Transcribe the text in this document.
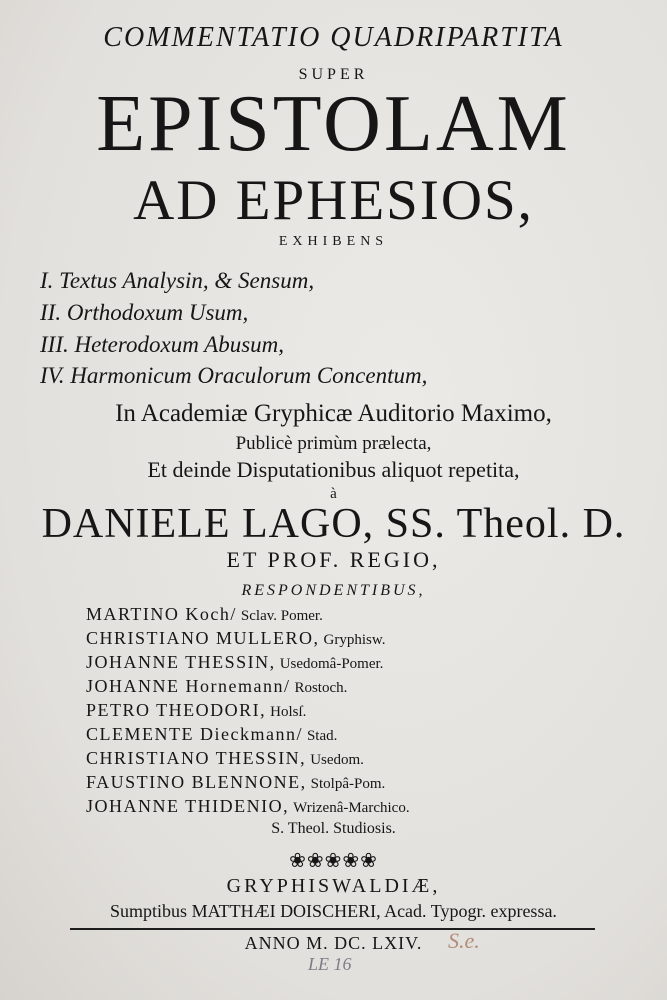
COMMENTATIO QUADRIPARTITA
SUPER
EPISTOLAM
AD EPHESIOS,
EXHIBENS
I. Textus Analysin, & Sensum,
II. Orthodoxum Usum,
III. Heterodoxum Abusum,
IV. Harmonicum Oraculorum Concentum,
In Academiæ Gryphicæ Auditorio Maximo,
Publicè primùm prælecta,
Et deinde Disputationibus aliquot repetita,
à
DANIELE LAGO, SS. Theol. D.
ET PROF. REGIO,
RESPONDENTIBUS,
MARTINO Koch/ Sclav. Pomer.
CHRISTIANO MULLERO, Gryphisw.
JOHANNE THESSIN, Usedomâ-Pomer.
JOHANNE Hornemann/ Rostoch.
PETRO THEODORI, Holsſ.
CLEMENTE Dieckmann/ Stad.
CHRISTIANO THESSIN, Usedom.
FAUSTINO BLENNONE, Stolpâ-Pom.
JOHANNE THIDENIO, Wrizenâ-Marchico.
S. Theol. Studiosis.
❀❀❀❀❀
GRYPHISWALDIÆ,
Sumptibus MATTHÆI DOISCHERI, Acad. Typogr. expressa.
ANNO M. DC. LXIV.	S.e.
LE 16
